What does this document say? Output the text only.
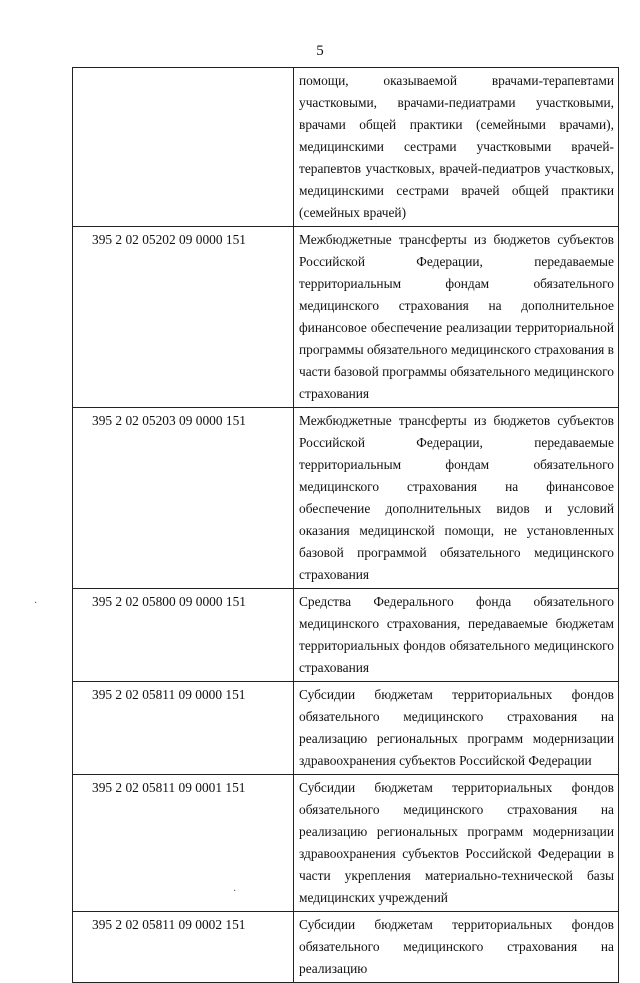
5
	помощи, оказываемой врачами-терапевтами участковыми, врачами-педиатрами участковыми, врачами общей практики (семейными врачами), медицинскими сестрами участковыми врачей-терапевтов участковых, врачей-педиатров участковых, медицинскими сестрами врачей общей практики (семейных врачей)
395 2 02 05202 09 0000 151	Межбюджетные трансферты из бюджетов субъектов Российской Федерации, передаваемые территориальным фондам обязательного медицинского страхования на дополнительное финансовое обеспечение реализации территориальной программы обязательного медицинского страхования в части базовой программы обязательного медицинского страхования
395 2 02 05203 09 0000 151	Межбюджетные трансферты из бюджетов субъектов Российской Федерации, передаваемые территориальным фондам обязательного медицинского страхования на финансовое обеспечение дополнительных видов и условий оказания медицинской помощи, не установленных базовой программой обязательного медицинского страхования
395 2 02 05800 09 0000 151	Средства Федерального фонда обязательного медицинского страхования, передаваемые бюджетам территориальных фондов обязательного медицинского страхования
395 2 02 05811 09 0000 151	Субсидии бюджетам территориальных фондов обязательного медицинского страхования на реализацию региональных программ модернизации здравоохранения субъектов Российской Федерации
395 2 02 05811 09 0001 151	Субсидии бюджетам территориальных фондов обязательного медицинского страхования на реализацию региональных программ модернизации здравоохранения субъектов Российской Федерации в части укрепления материально-технической базы медицинских учреждений
395 2 02 05811 09 0002 151	Субсидии бюджетам территориальных фондов обязательного медицинского страхования на реализацию
·
·
